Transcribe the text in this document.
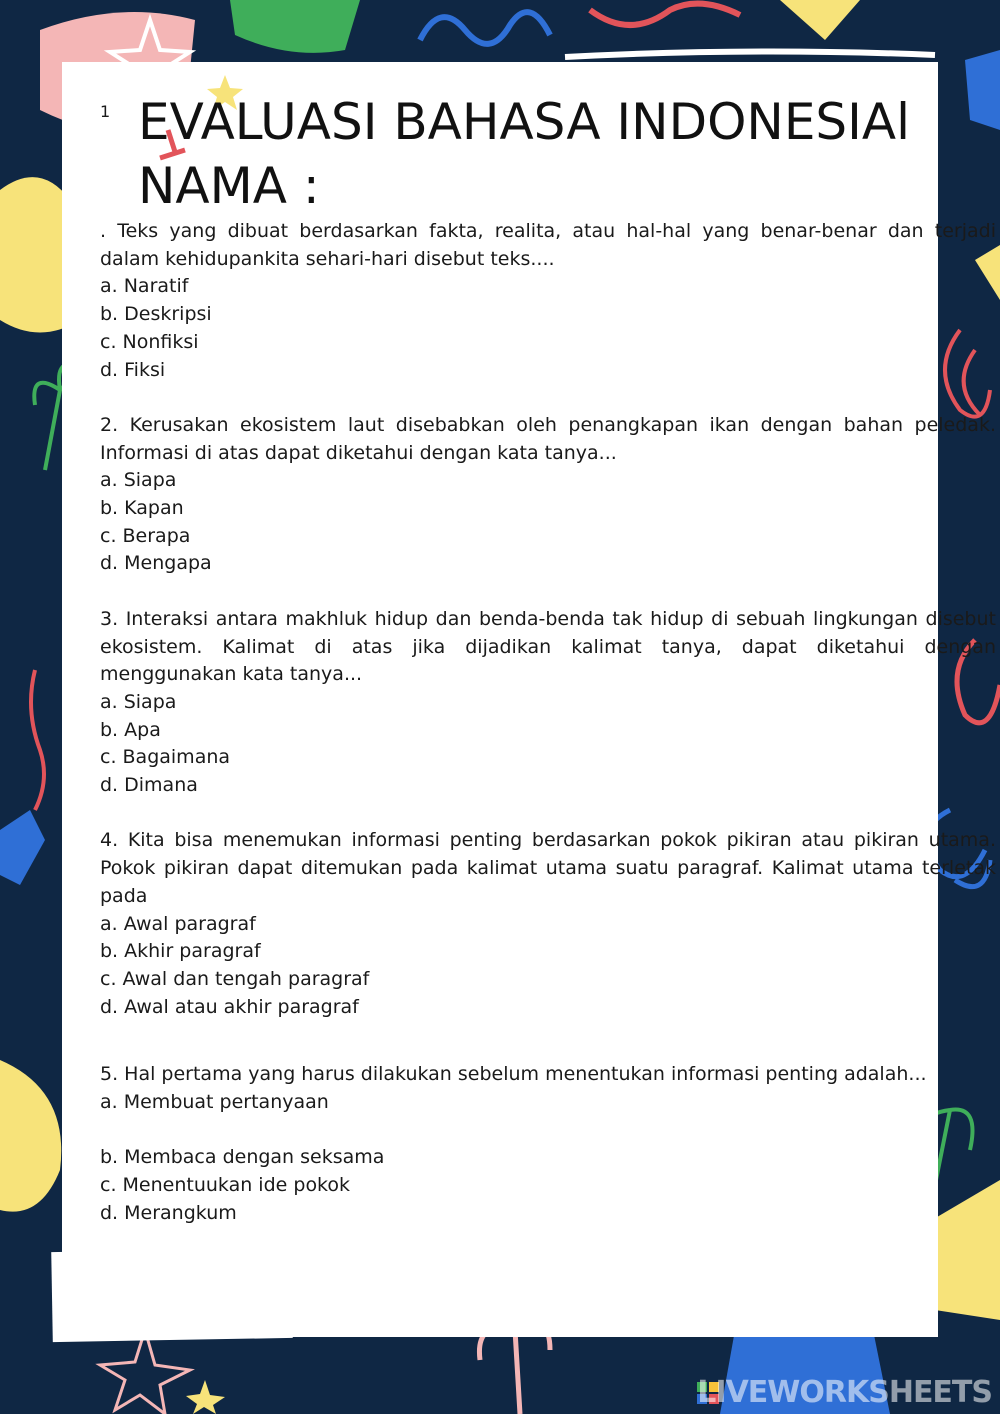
1 EVALUASI BAHASA INDONESIAl
NAMA :

. Teks yang dibuat berdasarkan fakta, realita, atau hal-hal yang benar-benar dan terjadi dalam kehidupankita sehari-hari disebut teks....

a. Naratif

b. Deskripsi

c. Nonfiksi

d. Fiksi

2. Kerusakan ekosistem laut disebabkan oleh penangkapan ikan dengan bahan peledak. Informasi di atas dapat diketahui dengan kata tanya...

a. Siapa

b. Kapan

c. Berapa

d. Mengapa

3. Interaksi antara makhluk hidup dan benda-benda tak hidup di sebuah lingkungan disebut ekosistem. Kalimat di atas jika dijadikan kalimat tanya, dapat diketahui dengan menggunakan kata tanya...

a. Siapa

b. Apa

c. Bagaimana

d. Dimana

4. Kita bisa menemukan informasi penting berdasarkan pokok pikiran atau pikiran utama. Pokok pikiran dapat ditemukan pada kalimat utama suatu paragraf. Kalimat utama terletak pada

a. Awal paragraf

b. Akhir paragraf

c. Awal dan tengah paragraf

d. Awal atau akhir paragraf

5. Hal pertama yang harus dilakukan sebelum menentukan informasi penting adalah...

a. Membuat pertanyaan

b. Membaca dengan seksama

c. Menentuukan ide pokok

d. Merangkum

LIVEWORKSHEETS
